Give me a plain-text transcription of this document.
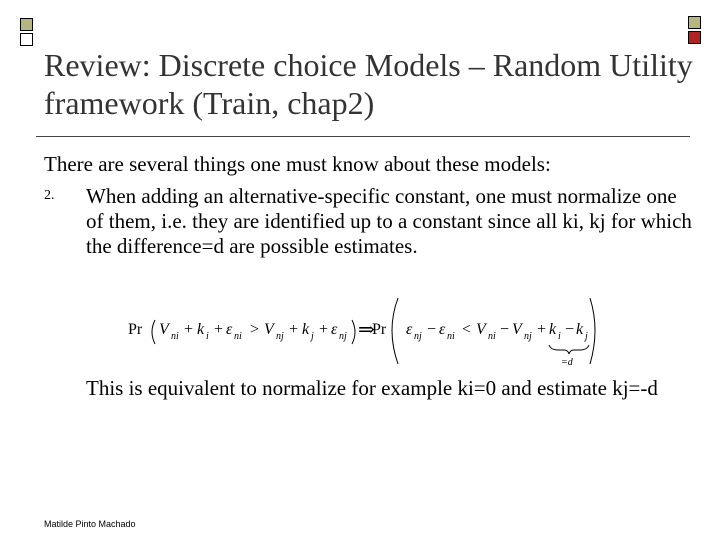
Review: Discrete choice Models – Random Utility framework (Train, chap2)
There are several things one must know about these models:
2. When adding an alternative-specific constant, one must normalize one of them, i.e. they are identified up to a constant since all ki, kj for which the difference=d are possible estimates.
Pr V ni + k i + ε ni > V nj + k j + ε nj ⇒
Pr ε nj − ε ni < V ni − V nj + k i − k j
=d
This is equivalent to normalize for example ki=0 and estimate kj=-d
Matilde Pinto Machado
